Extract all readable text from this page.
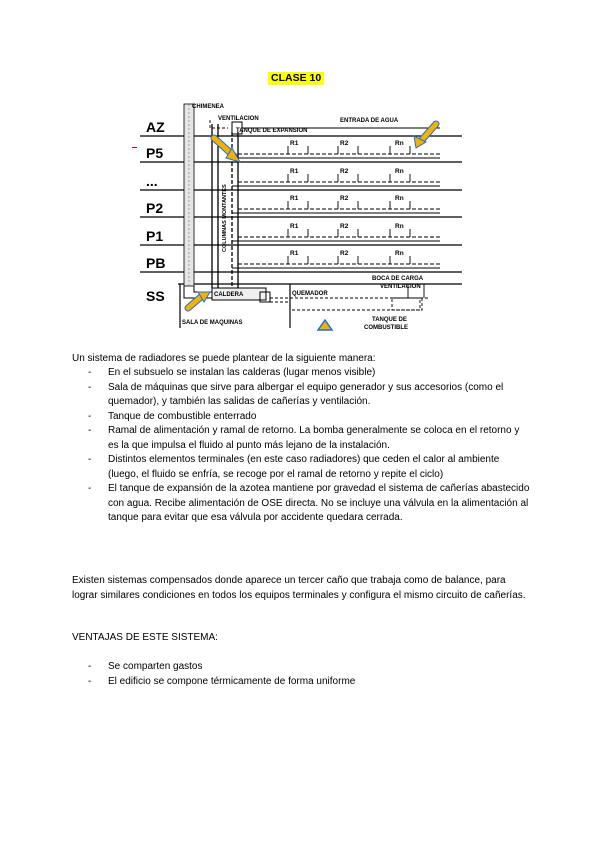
CLASE 10
AZ
P5
...
P2
P1
PB
SS
R1	R2	Rn
R1	R2	Rn
R1	R2	Rn
R1	R2	Rn
R1	R2	Rn
CHIMENEA
VENTILACION	ENTRADA DE AGUA
TANQUE DE EXPANSION
CALDERA	QUEMADOR
BOCA DE CARGA
VENTILACION
SALA DE MAQUINAS	TANQUE DE
COMBUSTIBLE
COLUMNAS MONTANTES
Un sistema de radiadores se puede plantear de la siguiente manera:
- En el subsuelo se instalan las calderas (lugar menos visible)
- Sala de máquinas que sirve para albergar el equipo generador y sus accesorios (como el quemador), y también las salidas de cañerías y ventilación.
- Tanque de combustible enterrado
- Ramal de alimentación y ramal de retorno. La bomba generalmente se coloca en el retorno y es la que impulsa el fluido al punto más lejano de la instalación.
- Distintos elementos terminales (en este caso radiadores) que ceden el calor al ambiente (luego, el fluido se enfría, se recoge por el ramal de retorno y repite el ciclo)
- El tanque de expansión de la azotea mantiene por gravedad el sistema de cañerías abastecido con agua. Recibe alimentación de OSE directa. No se incluye una válvula en la alimentación al tanque para evitar que esa válvula por accidente quedara cerrada.
Existen sistemas compensados donde aparece un tercer caño que trabaja como de balance, para lograr similares condiciones en todos los equipos terminales y configura el mismo circuito de cañerías.
VENTAJAS DE ESTE SISTEMA:
- Se comparten gastos
- El edificio se compone térmicamente de forma uniforme
